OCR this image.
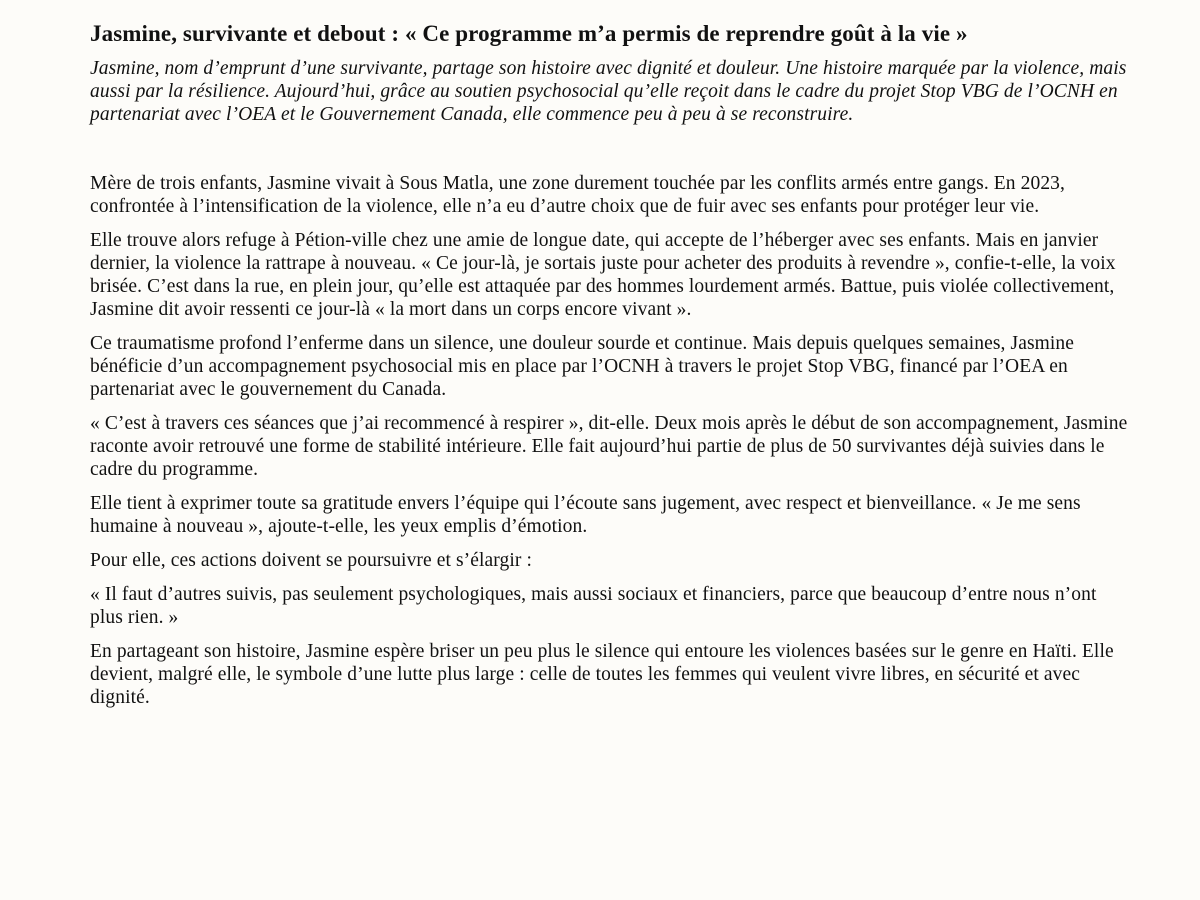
Jasmine, survivante et debout : « Ce programme m’a permis de reprendre goût à la vie »

Jasmine, nom d’emprunt d’une survivante, partage son histoire avec dignité et douleur. Une histoire marquée par la violence, mais aussi par la résilience. Aujourd’hui, grâce au soutien psychosocial qu’elle reçoit dans le cadre du projet Stop VBG de l’OCNH en partenariat avec l’OEA et le Gouvernement Canada, elle commence peu à peu à se reconstruire.

Mère de trois enfants, Jasmine vivait à Sous Matla, une zone durement touchée par les conflits armés entre gangs. En 2023, confrontée à l’intensification de la violence, elle n’a eu d’autre choix que de fuir avec ses enfants pour protéger leur vie.

Elle trouve alors refuge à Pétion-ville chez une amie de longue date, qui accepte de l’héberger avec ses enfants. Mais en janvier dernier, la violence la rattrape à nouveau. « Ce jour-là, je sortais juste pour acheter des produits à revendre », confie-t-elle, la voix brisée. C’est dans la rue, en plein jour, qu’elle est attaquée par des hommes lourdement armés. Battue, puis violée collectivement, Jasmine dit avoir ressenti ce jour-là « la mort dans un corps encore vivant ».

Ce traumatisme profond l’enferme dans un silence, une douleur sourde et continue. Mais depuis quelques semaines, Jasmine bénéficie d’un accompagnement psychosocial mis en place par l’OCNH à travers le projet Stop VBG, financé par l’OEA en partenariat avec le gouvernement du Canada.

« C’est à travers ces séances que j’ai recommencé à respirer », dit-elle. Deux mois après le début de son accompagnement, Jasmine raconte avoir retrouvé une forme de stabilité intérieure. Elle fait aujourd’hui partie de plus de 50 survivantes déjà suivies dans le cadre du programme.

Elle tient à exprimer toute sa gratitude envers l’équipe qui l’écoute sans jugement, avec respect et bienveillance. « Je me sens humaine à nouveau », ajoute-t-elle, les yeux emplis d’émotion.

Pour elle, ces actions doivent se poursuivre et s’élargir :

« Il faut d’autres suivis, pas seulement psychologiques, mais aussi sociaux et financiers, parce que beaucoup d’entre nous n’ont plus rien. »

En partageant son histoire, Jasmine espère briser un peu plus le silence qui entoure les violences basées sur le genre en Haïti. Elle devient, malgré elle, le symbole d’une lutte plus large : celle de toutes les femmes qui veulent vivre libres, en sécurité et avec dignité.
